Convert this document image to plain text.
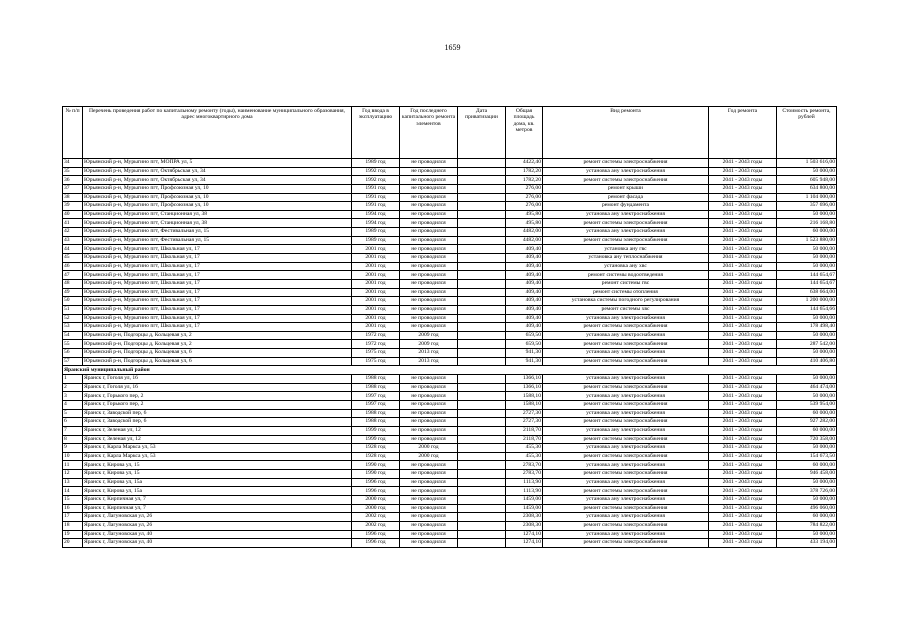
1659
№ п/п	Перечень проведения работ по капитальному ремонту (годы), наименование муниципального образования, адрес многоквартирного дома	Год ввода в эксплуатацию	Год последнего капитального ремонта элементов	Дата приватизации	Общая площадь дома, кв. метров	Вид ремонта	Год ремонта	Стоимость ремонта, рублей
34	Юрьянский р-н, Мурыгино пгт, МОПРА ул, 5	1989 год	не проводился		4422,40	ремонт системы электроснабжения	2041 - 2043 годы	1 503 616,00
35	Юрьянский р-н, Мурыгино пгт, Октябрьская ул, 34	1992 год	не проводился		1782,20	установка ану электроснабжения	2041 - 2043 годы	50 000,00
36	Юрьянский р-н, Мурыгино пгт, Октябрьская ул, 34	1992 год	не проводился		1782,20	ремонт системы электроснабжения	2041 - 2043 годы	605 948,00
37	Юрьянский р-н, Мурыгино пгт, Профсоюзная ул, 10	1991 год	не проводился		276,00	ремонт крыши	2041 - 2043 годы	634 800,00
38	Юрьянский р-н, Мурыгино пгт, Профсоюзная ул, 10	1991 год	не проводился		276,00	ремонт фасада	2041 - 2043 годы	1 104 000,00
39	Юрьянский р-н, Мурыгино пгт, Профсоюзная ул, 10	1991 год	не проводился		276,00	ремонт фундамента	2041 - 2043 годы	357 696,00
40	Юрьянский р-н, Мурыгино пгт, Станционная ул, 38	1994 год	не проводился		495,80	установка ану электроснабжения	2041 - 2043 годы	50 000,00
41	Юрьянский р-н, Мурыгино пгт, Станционная ул, 38	1994 год	не проводился		495,80	ремонт системы электроснабжения	2041 - 2043 годы	216 168,80
42	Юрьянский р-н, Мурыгино пгт, Фестивальная ул, 15	1989 год	не проводился		4482,00	установка ану электроснабжения	2041 - 2043 годы	60 000,00
43	Юрьянский р-н, Мурыгино пгт, Фестивальная ул, 15	1989 год	не проводился		4482,00	ремонт системы электроснабжения	2041 - 2043 годы	1 523 880,00
44	Юрьянский р-н, Мурыгино пгт, Школьная ул, 17	2001 год	не проводился		409,40	установка ану гвс	2041 - 2043 годы	50 000,00
45	Юрьянский р-н, Мурыгино пгт, Школьная ул, 17	2001 год	не проводился		409,40	установка ану теплоснабжения	2041 - 2043 годы	50 000,00
46	Юрьянский р-н, Мурыгино пгт, Школьная ул, 17	2001 год	не проводился		409,40	установка ану хвс	2041 - 2043 годы	50 000,00
47	Юрьянский р-н, Мурыгино пгт, Школьная ул, 17	2001 год	не проводился		409,40	ремонт системы водоотведения	2041 - 2043 годы	144 654,67
48	Юрьянский р-н, Мурыгино пгт, Школьная ул, 17	2001 год	не проводился		409,40	ремонт системы гвс	2041 - 2043 годы	144 654,67
49	Юрьянский р-н, Мурыгино пгт, Школьная ул, 17	2001 год	не проводился		409,40	ремонт системы отопления	2041 - 2043 годы	638 664,00
50	Юрьянский р-н, Мурыгино пгт, Школьная ул, 17	2001 год	не проводился		409,40	установка системы погодного регулирования	2041 - 2043 годы	1 200 000,00
51	Юрьянский р-н, Мурыгино пгт, Школьная ул, 17	2001 год	не проводился		409,40	ремонт системы хвс	2041 - 2043 годы	144 654,66
52	Юрьянский р-н, Мурыгино пгт, Школьная ул, 17	2001 год	не проводился		409,40	установка ану электроснабжения	2041 - 2043 годы	50 000,00
53	Юрьянский р-н, Мурыгино пгт, Школьная ул, 17	2001 год	не проводился		409,40	ремонт системы электроснабжения	2041 - 2043 годы	178 498,40
54	Юрьянский р-н, Подгорцы д, Кольцевая ул, 2	1972 год	2009 год		659,50	установка ану электроснабжения	2041 - 2043 годы	50 000,00
55	Юрьянский р-н, Подгорцы д, Кольцевая ул, 2	1972 год	2009 год		659,50	ремонт системы электроснабжения	2041 - 2043 годы	287 542,00
56	Юрьянский р-н, Подгорцы д, Кольцевая ул, 6	1975 год	2013 год		941,30	установка ану электроснабжения	2041 - 2043 годы	50 000,00
57	Юрьянский р-н, Подгорцы д, Кольцевая ул, 6	1975 год	2013 год		941,30	ремонт системы электроснабжения	2041 - 2043 годы	410 406,80
Яранский муниципальный район								
1	Яранск г, Гоголя ул, 16	1988 год	не проводился		1366,10	установка ану электроснабжения	2041 - 2043 годы	50 000,00
2	Яранск г, Гоголя ул, 16	1988 год	не проводился		1366,10	ремонт системы электроснабжения	2041 - 2043 годы	464 474,00
3	Яранск г, Горького пер, 2	1997 год	не проводился		1588,10	установка ану электроснабжения	2041 - 2043 годы	50 000,00
4	Яранск г, Горького пер, 2	1997 год	не проводился		1588,10	ремонт системы электроснабжения	2041 - 2043 годы	539 954,00
5	Яранск г, Заводской пер, 6	1988 год	не проводился		2727,30	установка ану электроснабжения	2041 - 2043 годы	60 000,00
6	Яранск г, Заводской пер, 6	1988 год	не проводился		2727,30	ремонт системы электроснабжения	2041 - 2043 годы	927 282,00
7	Яранск г, Зеленая ул, 12	1999 год	не проводился		2118,70	установка ану электроснабжения	2041 - 2043 годы	60 000,00
8	Яранск г, Зеленая ул, 12	1999 год	не проводился		2118,70	ремонт системы электроснабжения	2041 - 2043 годы	720 358,00
9	Яранск г, Карла Маркса ул, 53	1928 год	2000 год		455,30	установка ану электроснабжения	2041 - 2043 годы	50 000,00
10	Яранск г, Карла Маркса ул, 53	1928 год	2000 год		455,30	ремонт системы электроснабжения	2041 - 2043 годы	154 673,50
11	Яранск г, Кирова ул, 15	1990 год	не проводился		2783,70	установка ану электроснабжения	2041 - 2043 годы	60 000,00
12	Яранск г, Кирова ул, 15	1990 год	не проводился		2783,70	ремонт системы электроснабжения	2041 - 2043 годы	946 458,00
13	Яранск г, Кирова ул, 15а	1996 год	не проводился		1113,90	установка ану электроснабжения	2041 - 2043 годы	50 000,00
14	Яранск г, Кирова ул, 15а	1996 год	не проводился		1113,90	ремонт системы электроснабжения	2041 - 2043 годы	378 726,00
15	Яранск г, Кирпичная ул, 7	2000 год	не проводился		1459,00	установка ану электроснабжения	2041 - 2043 годы	50 000,00
16	Яранск г, Кирпичная ул, 7	2000 год	не проводился		1459,00	ремонт системы электроснабжения	2041 - 2043 годы	496 060,00
17	Яранск г, Лагуновская ул, 26	2002 год	не проводился		2308,30	установка ану электроснабжения	2041 - 2043 годы	60 000,00
18	Яранск г, Лагуновская ул, 26	2002 год	не проводился		2308,30	ремонт системы электроснабжения	2041 - 2043 годы	784 822,00
19	Яранск г, Лагуновская ул, 40	1996 год	не проводился		1274,10	установка ану электроснабжения	2041 - 2043 годы	50 000,00
20	Яранск г, Лагуновская ул, 40	1996 год	не проводился		1274,10	ремонт системы электроснабжения	2041 - 2043 годы	433 194,00
